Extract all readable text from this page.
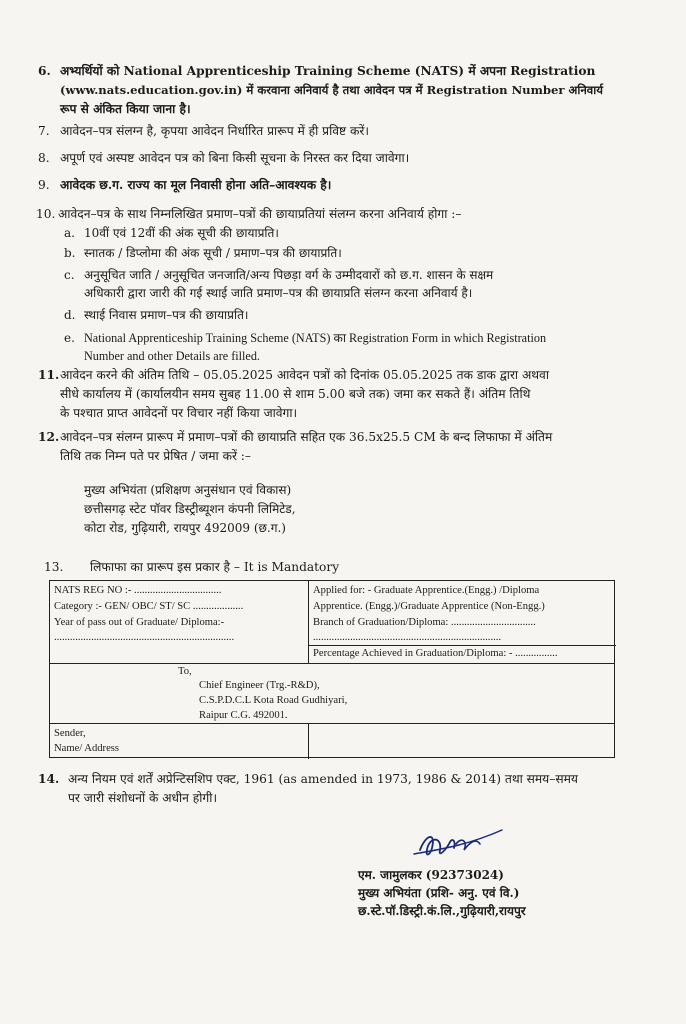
6. अभ्यर्थियों को National Apprenticeship Training Scheme (NATS) में अपना Registration
(www.nats.education.gov.in) में करवाना अनिवार्य है तथा आवेदन पत्र में Registration Number अनिवार्य
रूप से अंकित किया जाना है।
7. आवेदन–पत्र संलग्न है, कृपया आवेदन निर्धारित प्रारूप में ही प्रविष्ट करें।
8. अपूर्ण एवं अस्पष्ट आवेदन पत्र को बिना किसी सूचना के निरस्त कर दिया जावेगा।
9. आवेदक छ.ग. राज्य का मूल निवासी होना अति–आवश्यक है।
10. आवेदन–पत्र के साथ निम्नलिखित प्रमाण–पत्रों की छायाप्रतियां संलग्न करना अनिवार्य होगा :–
a. 10वीं एवं 12वीं की अंक सूची की छायाप्रति।
b. स्नातक / डिप्लोमा की अंक सूची / प्रमाण–पत्र की छायाप्रति।
c. अनुसूचित जाति / अनुसूचित जनजाति/अन्य पिछड़ा वर्ग के उम्मीदवारों को छ.ग. शासन के सक्षम
अधिकारी द्वारा जारी की गई स्थाई जाति प्रमाण–पत्र की छायाप्रति संलग्न करना अनिवार्य है।
d. स्थाई निवास प्रमाण–पत्र की छायाप्रति।
e. National Apprenticeship Training Scheme (NATS) का Registration Form in which Registration
Number and other Details are filled.
11. आवेदन करने की अंतिम तिथि – 05.05.2025 आवेदन पत्रों को दिनांक 05.05.2025 तक डाक द्वारा अथवा
सीधे कार्यालय में (कार्यालयीन समय सुबह 11.00 से शाम 5.00 बजे तक) जमा कर सकते हैं। अंतिम तिथि
के पश्चात प्राप्त आवेदनों पर विचार नहीं किया जावेगा।
12. आवेदन–पत्र संलग्न प्रारूप में प्रमाण–पत्रों की छायाप्रति सहित एक 36.5x25.5 CM के बन्द लिफाफा में अंतिम
तिथि तक निम्न पते पर प्रेषित / जमा करें :–
मुख्य अभियंता (प्रशिक्षण अनुसंधान एवं विकास)
छत्तीसगढ़ स्टेट पॉवर डिस्ट्रीब्यूशन कंपनी लिमिटेड,
कोटा रोड, गुढ़ियारी, रायपुर 492009 (छ.ग.)
13. लिफाफा का प्रारूप इस प्रकार है – It is Mandatory
NATS REG NO :- .................................
Category :- GEN/ OBC/ ST/ SC ...................
Year of pass out of Graduate/ Diploma:-
....................................................................
Applied for: - Graduate Apprentice.(Engg.) /Diploma
Apprentice. (Engg.)/Graduate Apprentice (Non-Engg.)
Branch of Graduation/Diploma: ................................
.......................................................................
Percentage Achieved in Graduation/Diploma: - ................
To,
Chief Engineer (Trg.-R&D),
C.S.P.D.C.L Kota Road Gudhiyari,
Raipur C.G. 492001.
Sender,
Name/ Address
14. अन्य नियम एवं शर्तें अप्रेन्टिसशिप एक्ट, 1961 (as amended in 1973, 1986 & 2014) तथा समय–समय
पर जारी संशोधनों के अधीन होगी।
एम. जामुलकर (92373024)
मुख्य अभियंता (प्रशि- अनु. एवं वि.)
छ.स्टे.पॉ.डिस्ट्री.कं.लि.,गुढ़ियारी,रायपुर
